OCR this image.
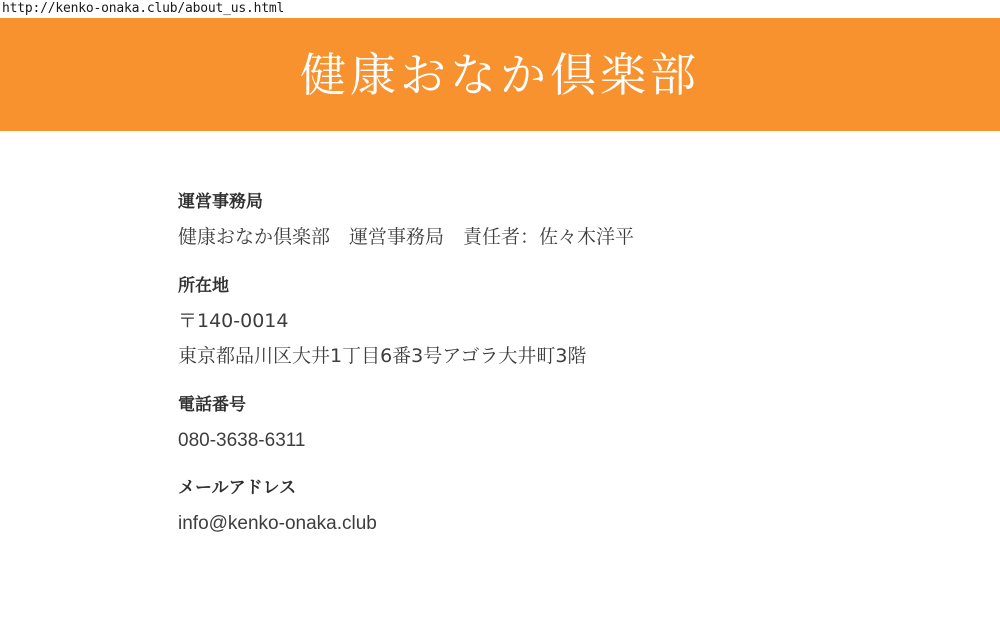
http://kenko-onaka.club/about_us.html
健康おなか倶楽部
運営事務局
健康おなか倶楽部　運営事務局　責任者：佐々木洋平
所在地
〒140-0014
東京都品川区大井1丁目6番3号アゴラ大井町3階
電話番号
080-3638-6311
メールアドレス
info@kenko-onaka.club
